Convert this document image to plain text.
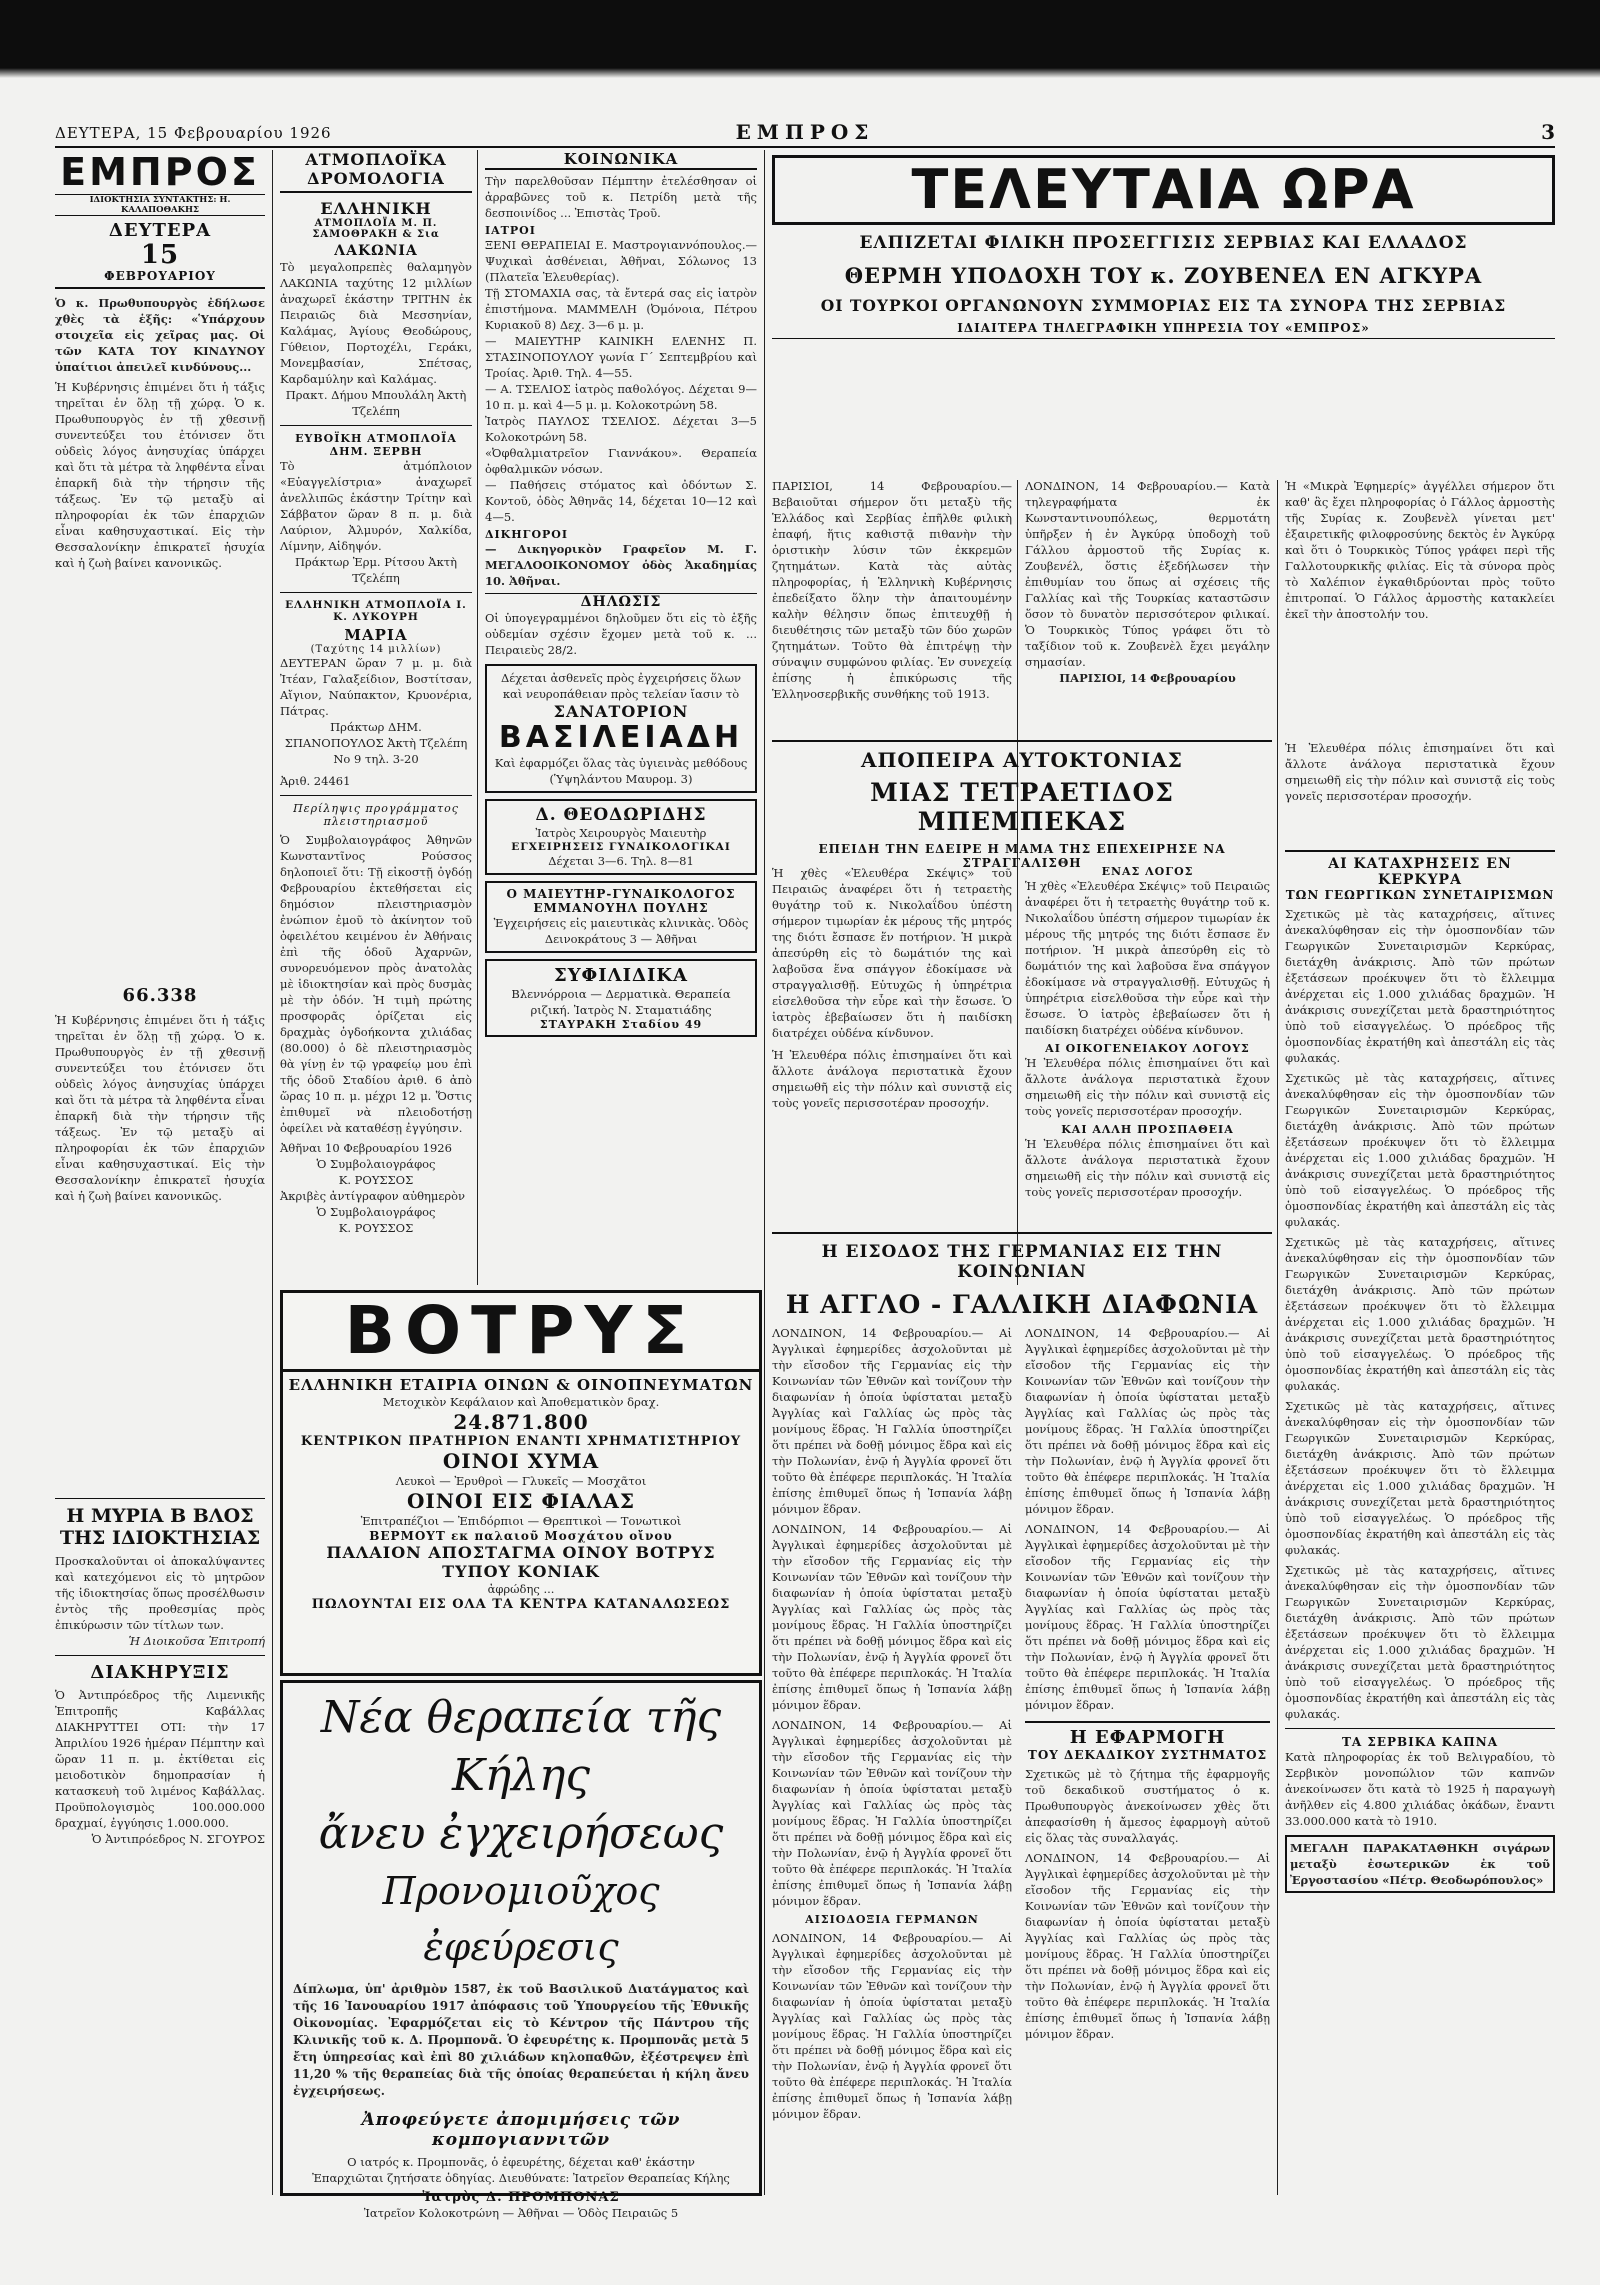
ΔΕΥΤΕΡΑ, 15 Φεβρουαρίου 1926	ΕΜΠΡΟΣ	3
ΕΜΠΡΟΣ
ΙΔΙΟΚΤΗΣΙΑ ΣΥΝΤΑΚΤΗΣ: Η. ΚΑΛΑΠΟΘΑΚΗΣ
ΔΕΥΤΕΡΑ
15
ΦΕΒΡΟΥΑΡΙΟΥ
Ὁ κ. Πρωθυπουργὸς ἐδήλωσε χθὲς τὰ ἑξῆς: «Ὑπάρχουν στοιχεῖα εἰς χεῖρας μας. Οἱ τῶν ΚΑΤΑ ΤΟΥ ΚΙΝΔΥΝΟΥ ὑπαίτιοι ἀπειλεῖ κινδύνους...
Ἡ Κυβέρνησις ἐπιμένει ὅτι ἡ τάξις τηρεῖται ἐν ὅλῃ τῇ χώρᾳ. Ὁ κ. Πρωθυπουργὸς ἐν τῇ χθεσινῇ συνεντεύξει του ἐτόνισεν ὅτι οὐδεὶς λόγος ἀνησυχίας ὑπάρχει καὶ ὅτι τὰ μέτρα τὰ ληφθέντα εἶναι ἐπαρκῆ διὰ τὴν τήρησιν τῆς τάξεως. Ἐν τῷ μεταξὺ αἱ πληροφορίαι ἐκ τῶν ἐπαρχιῶν εἶναι καθησυχαστικαί. Εἰς τὴν Θεσσαλονίκην ἐπικρατεῖ ἡσυχία καὶ ἡ ζωὴ βαίνει κανονικῶς.
66.338
Ἡ Κυβέρνησις ἐπιμένει ὅτι ἡ τάξις τηρεῖται ἐν ὅλῃ τῇ χώρᾳ. Ὁ κ. Πρωθυπουργὸς ἐν τῇ χθεσινῇ συνεντεύξει του ἐτόνισεν ὅτι οὐδεὶς λόγος ἀνησυχίας ὑπάρχει καὶ ὅτι τὰ μέτρα τὰ ληφθέντα εἶναι ἐπαρκῆ διὰ τὴν τήρησιν τῆς τάξεως. Ἐν τῷ μεταξὺ αἱ πληροφορίαι ἐκ τῶν ἐπαρχιῶν εἶναι καθησυχαστικαί. Εἰς τὴν Θεσσαλονίκην ἐπικρατεῖ ἡσυχία καὶ ἡ ζωὴ βαίνει κανονικῶς.
Η ΜΥΡΙΑ Β ΒΛΟΣ ΤΗΣ ΙΔΙΟΚΤΗΣΙΑΣ
Προσκαλοῦνται οἱ ἀποκαλύψαντες καὶ κατεχόμενοι εἰς τὸ μητρῶον τῆς ἰδιοκτησίας ὅπως προσέλθωσιν ἐντὸς τῆς προθεσμίας πρὸς ἐπικύρωσιν τῶν τίτλων των.
Ἡ Διοικοῦσα Ἐπιτροπή
ΔΙΑΚΗΡΥΞΙΣ
Ὁ Ἀντιπρόεδρος τῆς Λιμενικῆς Ἐπιτροπῆς Καβάλλας ΔΙΑΚΗΡΥΤΤΕΙ ΟΤΙ: τὴν 17 Ἀπριλίου 1926 ἡμέραν Πέμπτην καὶ ὥραν 11 π. μ. ἐκτίθεται εἰς μειοδοτικὸν δημοπρασίαν ἡ κατασκευὴ τοῦ λιμένος Καβάλλας. Προϋπολογισμὸς 100.000.000 δραχμαί, ἐγγύησις 1.000.000.
Ὁ Ἀντιπρόεδρος Ν. ΣΓΟΥΡΟΣ
ΑΤΜΟΠΛΟΪΚΑ ΔΡΟΜΟΛΟΓΙΑ
ΕΛΛΗΝΙΚΗ
ΑΤΜΟΠΛΟΪΑ Μ. Π. ΣΑΜΟΘΡΑΚΗ & Σια
ΛΑΚΩΝΙΑ
Τὸ μεγαλοπρεπὲς θαλαμηγὸν ΛΑΚΩΝΙΑ ταχύτης 12 μιλλίων ἀναχωρεῖ ἑκάστην ΤΡΙΤΗΝ ἐκ Πειραιῶς διὰ Μεσσηνίαν, Καλάμας, Ἀγίους Θεοδώρους, Γύθειον, Πορτοχέλι, Γεράκι, Μονεμβασίαν, Σπέτσας, Καρδαμύλην καὶ Καλάμας.
Πρακτ. Δήμου Μπουλάλη Ἀκτὴ Τζελέπη
ΕΥΒΟΪΚΗ ΑΤΜΟΠΛΟΪΑ ΔΗΜ. ΞΕΡΒΗ
Τὸ ἀτμόπλοιον «Εὐαγγελίστρια» ἀναχωρεῖ ἀνελλιπῶς ἑκάστην Τρίτην καὶ Σάββατον ὥραν 8 π. μ. διὰ Λαύριον, Ἀλμυρόν, Χαλκίδα, Λίμνην, Αἰδηψόν.
Πράκτωρ Ἐρμ. Ρίτσου Ἀκτὴ Τζελέπη
ΕΛΛΗΝΙΚΗ ΑΤΜΟΠΛΟΪΑ Ι. Κ. ΛΥΚΟΥΡΗ
ΜΑΡΙΑ
(Ταχύτης 14 μιλλίων)
ΔΕΥΤΕΡΑΝ ὥραν 7 μ. μ. διὰ Ἰτέαν, Γαλαξείδιον, Βοστίτσαν, Αἴγιον, Ναύπακτον, Κρυονέρια, Πάτρας.
Πράκτωρ ΔΗΜ. ΣΠΑΝΟΠΟΥΛΟΣ Ἀκτὴ Τζελέπη Νο 9 τηλ. 3-20
Ἀριθ. 24461
Περίληψις προγράμματος πλειστηριασμοῦ
Ὁ Συμβολαιογράφος Ἀθηνῶν Κωνσταντῖνος Ρούσσος δηλοποιεῖ ὅτι: Τῇ εἰκοστῇ ὀγδόῃ Φεβρουαρίου ἐκτεθήσεται εἰς δημόσιον πλειστηριασμὸν ἐνώπιον ἐμοῦ τὸ ἀκίνητον τοῦ ὀφειλέτου κειμένου ἐν Ἀθήναις ἐπὶ τῆς ὁδοῦ Ἀχαρνῶν, συνορευόμενον πρὸς ἀνατολὰς μὲ ἰδιοκτησίαν καὶ πρὸς δυσμὰς μὲ τὴν ὁδόν. Ἡ τιμὴ πρώτης προσφορᾶς ὁρίζεται εἰς δραχμὰς ὀγδοήκοντα χιλιάδας (80.000) ὁ δὲ πλειστηριασμὸς θὰ γίνῃ ἐν τῷ γραφείῳ μου ἐπὶ τῆς ὁδοῦ Σταδίου ἀριθ. 6 ἀπὸ ὥρας 10 π. μ. μέχρι 12 μ. Ὅστις ἐπιθυμεῖ νὰ πλειοδοτήσῃ ὀφείλει νὰ καταθέσῃ ἐγγύησιν.
Ἀθῆναι 10 Φεβρουαρίου 1926
Ὁ Συμβολαιογράφος
Κ. ΡΟΥΣΣΟΣ
Ἀκριβὲς ἀντίγραφον αὐθημερὸν
Ὁ Συμβολαιογράφος
Κ. ΡΟΥΣΣΟΣ
ΚΟΙΝΩΝΙΚΑ
Τὴν παρελθοῦσαν Πέμπτην ἐτελέσθησαν οἱ ἀρραβῶνες τοῦ κ. Πετρίδη μετὰ τῆς δεσποινίδος ... Ἐπιστὰς Τροῦ.
ΙΑΤΡΟΙ
ΞΕΝΙ ΘΕΡΑΠΕΙΑΙ Ε. Μαστρογιαννόπουλος.— Ψυχικαὶ ἀσθένειαι, Ἀθῆναι, Σόλωνος 13 (Πλατεῖα Ἐλευθερίας).
Τῇ ΣΤΟΜΑΧΙΑ σας, τὰ ἔντερά σας εἰς ἰατρὸν ἐπιστήμονα. ΜΑΜΜΕΛΗ (Ὀμόνοια, Πέτρου Κυριακοῦ 8) Δεχ. 3—6 μ. μ.
— ΜΑΙΕΥΤΗΡ ΚΑΙΝΙΚΗ ΕΛΕΝΗΣ Π. ΣΤΑΣΙΝΟΠΟΥΛΟΥ γωνία Γ΄ Σεπτεμβρίου καὶ Τροίας. Ἀριθ. Τηλ. 4—55.
— Α. ΤΣΕΛΙΟΣ ἰατρὸς παθολόγος. Δέχεται 9—10 π. μ. καὶ 4—5 μ. μ. Κολοκοτρώνη 58.
Ἰατρὸς ΠΑΥΛΟΣ ΤΣΕΛΙΟΣ. Δέχεται 3—5 Κολοκοτρώνη 58.
«Ὀφθαλμιατρεῖον Γιαννάκου». Θεραπεία ὀφθαλμικῶν νόσων.
— Παθήσεις στόματος καὶ ὀδόντων Σ. Κοντοῦ, ὁδὸς Ἀθηνᾶς 14, δέχεται 10—12 καὶ 4—5.
ΔΙΚΗΓΟΡΟΙ
— Δικηγορικὸν Γραφεῖον Μ. Γ. ΜΕΓΑΛΟΟΙΚΟΝΟΜΟΥ ὁδὸς Ἀκαδημίας 10. Ἀθῆναι.
ΔΗΛΩΣΙΣ
Οἱ ὑπογεγραμμένοι δηλοῦμεν ὅτι εἰς τὸ ἑξῆς οὐδεμίαν σχέσιν ἔχομεν μετὰ τοῦ κ. ... Πειραιεὺς 28/2.
Δέχεται ἀσθενεῖς πρὸς ἐγχειρήσεις ὅλων καὶ νευροπάθειαν πρὸς τελείαν ἴασιν τὸ
ΣΑΝΑΤΟΡΙΟΝ
ΒΑΣΙΛΕΙΑΔΗ
Καὶ ἐφαρμόζει ὅλας τὰς ὑγιεινὰς μεθόδους (Ὑψηλάντου Μαυρομ. 3)
Δ. ΘΕΟΔΩΡΙΔΗΣ
Ἰατρὸς Χειρουργὸς Μαιευτὴρ
ΕΓΧΕΙΡΗΣΕΙΣ ΓΥΝΑΙΚΟΛΟΓΙΚΑΙ
Δέχεται 3—6. Τηλ. 8—81
Ο ΜΑΙΕΥΤΗΡ-ΓΥΝΑΙΚΟΛΟΓΟΣ
ΕΜΜΑΝΟΥΗΛ ΠΟΥΛΗΣ
Ἐγχειρήσεις εἰς μαιευτικὰς κλινικὰς. Ὁδὸς Δεινοκράτους 3 — Ἀθῆναι
ΣΥΦΙΛΙΔΙΚΑ
Βλεννόρροια — Δερματικὰ. Θεραπεία ριζική. Ἰατρὸς Ν. Σταματιάδης
ΣΤΑΥΡΑΚΗ Σταδίου 49
ΤΕΛΕΥΤΑΙΑ ΩΡΑ
ΕΛΠΙΖΕΤΑΙ ΦΙΛΙΚΗ ΠΡΟΣΕΓΓΙΣΙΣ ΣΕΡΒΙΑΣ ΚΑΙ ΕΛΛΑΔΟΣ
ΘΕΡΜΗ ΥΠΟΔΟΧΗ ΤΟΥ κ. ΖΟΥΒΕΝΕΛ ΕΝ ΑΓΚΥΡΑ
ΟΙ ΤΟΥΡΚΟΙ ΟΡΓΑΝΩΝΟΥΝ ΣΥΜΜΟΡΙΑΣ ΕΙΣ ΤΑ ΣΥΝΟΡΑ ΤΗΣ ΣΕΡΒΙΑΣ
ΙΔΙΑΙΤΕΡΑ ΤΗΛΕΓΡΑΦΙΚΗ ΥΠΗΡΕΣΙΑ ΤΟΥ «ΕΜΠΡΟΣ»
ΠΑΡΙΣΙΟΙ, 14 Φεβρουαρίου.— Βεβαιοῦται σήμερον ὅτι μεταξὺ τῆς Ἑλλάδος καὶ Σερβίας ἐπῆλθε φιλικὴ ἐπαφή, ἥτις καθιστᾷ πιθανὴν τὴν ὁριστικὴν λύσιν τῶν ἐκκρεμῶν ζητημάτων. Κατὰ τὰς αὐτὰς πληροφορίας, ἡ Ἑλληνικὴ Κυβέρνησις ἐπεδείξατο ὅλην τὴν ἀπαιτουμένην καλὴν θέλησιν ὅπως ἐπιτευχθῇ ἡ διευθέτησις τῶν μεταξὺ τῶν δύο χωρῶν ζητημάτων. Τοῦτο θὰ ἐπιτρέψῃ τὴν σύναψιν συμφώνου φιλίας. Ἐν συνεχείᾳ ἐπίσης ἡ ἐπικύρωσις τῆς Ἑλληνοσερβικῆς συνθήκης τοῦ 1913.
ΛΟΝΔΙΝΟΝ, 14 Φεβρουαρίου.— Κατὰ τηλεγραφήματα ἐκ Κωνσταντινουπόλεως, θερμοτάτη ὑπῆρξεν ἡ ἐν Ἀγκύρᾳ ὑποδοχὴ τοῦ Γάλλου ἀρμοστοῦ τῆς Συρίας κ. Ζουβενέλ, ὅστις ἐξεδήλωσεν τὴν ἐπιθυμίαν του ὅπως αἱ σχέσεις τῆς Γαλλίας καὶ τῆς Τουρκίας καταστῶσιν ὅσον τὸ δυνατὸν περισσότερον φιλικαί. Ὁ Τουρκικὸς Τύπος γράφει ὅτι τὸ ταξίδιον τοῦ κ. Ζουβενὲλ ἔχει μεγάλην σημασίαν.
ΠΑΡΙΣΙΟΙ, 14 Φεβρουαρίου
Ἡ «Μικρὰ Ἐφημερίς» ἀγγέλλει σήμερον ὅτι καθ' ἃς ἔχει πληροφορίας ὁ Γάλλος ἀρμοστὴς τῆς Συρίας κ. Ζουβενὲλ γίνεται μετ' ἐξαιρετικῆς φιλοφροσύνης δεκτὸς ἐν Ἀγκύρᾳ καὶ ὅτι ὁ Τουρκικὸς Τύπος γράφει περὶ τῆς Γαλλοτουρκικῆς φιλίας. Εἰς τὰ σύνορα πρὸς τὸ Χαλέπιον ἐγκαθιδρύονται πρὸς τοῦτο ἐπιτροπαί. Ὁ Γάλλος ἀρμοστὴς κατακλείει ἐκεῖ τὴν ἀποστολήν του.
ΑΠΟΠΕΙΡΑ ΑΥΤΟΚΤΟΝΙΑΣ
ΜΙΑΣ ΤΕΤΡΑΕΤΙΔΟΣ ΜΠΕΜΠΕΚΑΣ
ΕΠΕΙΔΗ ΤΗΝ ΕΔΕΙΡΕ Η ΜΑΜΑ ΤΗΣ ΕΠΕΧΕΙΡΗΣΕ ΝΑ ΣΤΡΑΓΓΑΛΙΣΘΗ
Ἡ χθὲς «Ἐλευθέρα Σκέψις» τοῦ Πειραιῶς ἀναφέρει ὅτι ἡ τετραετὴς θυγάτηρ τοῦ κ. Νικολαΐδου ὑπέστη σήμερον τιμωρίαν ἐκ μέρους τῆς μητρός της διότι ἔσπασε ἕν ποτήριον. Ἡ μικρὰ ἀπεσύρθη εἰς τὸ δωμάτιόν της καὶ λαβοῦσα ἕνα σπάγγον ἐδοκίμασε νὰ στραγγαλισθῇ. Εὐτυχῶς ἡ ὑπηρέτρια εἰσελθοῦσα τὴν εὗρε καὶ τὴν ἔσωσε. Ὁ ἰατρὸς ἐβεβαίωσεν ὅτι ἡ παιδίσκη διατρέχει οὐδένα κίνδυνον.
Ἡ Ἐλευθέρα πόλις ἐπισημαίνει ὅτι καὶ ἄλλοτε ἀνάλογα περιστατικὰ ἔχουν σημειωθῆ εἰς τὴν πόλιν καὶ συνιστᾷ εἰς τοὺς γονεῖς περισσοτέραν προσοχήν.
ΕΝΑΣ ΛΟΓΟΣ
Ἡ χθὲς «Ἐλευθέρα Σκέψις» τοῦ Πειραιῶς ἀναφέρει ὅτι ἡ τετραετὴς θυγάτηρ τοῦ κ. Νικολαΐδου ὑπέστη σήμερον τιμωρίαν ἐκ μέρους τῆς μητρός της διότι ἔσπασε ἕν ποτήριον. Ἡ μικρὰ ἀπεσύρθη εἰς τὸ δωμάτιόν της καὶ λαβοῦσα ἕνα σπάγγον ἐδοκίμασε νὰ στραγγαλισθῇ. Εὐτυχῶς ἡ ὑπηρέτρια εἰσελθοῦσα τὴν εὗρε καὶ τὴν ἔσωσε. Ὁ ἰατρὸς ἐβεβαίωσεν ὅτι ἡ παιδίσκη διατρέχει οὐδένα κίνδυνον.
ΑΙ ΟΙΚΟΓΕΝΕΙΑΚΟΥ ΛΟΓΟΥΣ
Ἡ Ἐλευθέρα πόλις ἐπισημαίνει ὅτι καὶ ἄλλοτε ἀνάλογα περιστατικὰ ἔχουν σημειωθῆ εἰς τὴν πόλιν καὶ συνιστᾷ εἰς τοὺς γονεῖς περισσοτέραν προσοχήν.
ΚΑΙ ΑΛΛΗ ΠΡΟΣΠΑΘΕΙΑ
Ἡ Ἐλευθέρα πόλις ἐπισημαίνει ὅτι καὶ ἄλλοτε ἀνάλογα περιστατικὰ ἔχουν σημειωθῆ εἰς τὴν πόλιν καὶ συνιστᾷ εἰς τοὺς γονεῖς περισσοτέραν προσοχήν.
Ἡ Ἐλευθέρα πόλις ἐπισημαίνει ὅτι καὶ ἄλλοτε ἀνάλογα περιστατικὰ ἔχουν σημειωθῆ εἰς τὴν πόλιν καὶ συνιστᾷ εἰς τοὺς γονεῖς περισσοτέραν προσοχήν.
ΑΙ ΚΑΤΑΧΡΗΣΕΙΣ ΕΝ ΚΕΡΚΥΡΑ
ΤΩΝ ΓΕΩΡΓΙΚΩΝ ΣΥΝΕΤΑΙΡΙΣΜΩΝ
Σχετικῶς μὲ τὰς καταχρήσεις, αἵτινες ἀνεκαλύφθησαν εἰς τὴν ὁμοσπονδίαν τῶν Γεωργικῶν Συνεταιρισμῶν Κερκύρας, διετάχθη ἀνάκρισις. Ἀπὸ τῶν πρώτων ἐξετάσεων προέκυψεν ὅτι τὸ ἔλλειμμα ἀνέρχεται εἰς 1.000 χιλιάδας δραχμῶν. Ἡ ἀνάκρισις συνεχίζεται μετὰ δραστηριότητος ὑπὸ τοῦ εἰσαγγελέως. Ὁ πρόεδρος τῆς ὁμοσπονδίας ἐκρατήθη καὶ ἀπεστάλη εἰς τὰς φυλακάς.
Σχετικῶς μὲ τὰς καταχρήσεις, αἵτινες ἀνεκαλύφθησαν εἰς τὴν ὁμοσπονδίαν τῶν Γεωργικῶν Συνεταιρισμῶν Κερκύρας, διετάχθη ἀνάκρισις. Ἀπὸ τῶν πρώτων ἐξετάσεων προέκυψεν ὅτι τὸ ἔλλειμμα ἀνέρχεται εἰς 1.000 χιλιάδας δραχμῶν. Ἡ ἀνάκρισις συνεχίζεται μετὰ δραστηριότητος ὑπὸ τοῦ εἰσαγγελέως. Ὁ πρόεδρος τῆς ὁμοσπονδίας ἐκρατήθη καὶ ἀπεστάλη εἰς τὰς φυλακάς.
Σχετικῶς μὲ τὰς καταχρήσεις, αἵτινες ἀνεκαλύφθησαν εἰς τὴν ὁμοσπονδίαν τῶν Γεωργικῶν Συνεταιρισμῶν Κερκύρας, διετάχθη ἀνάκρισις. Ἀπὸ τῶν πρώτων ἐξετάσεων προέκυψεν ὅτι τὸ ἔλλειμμα ἀνέρχεται εἰς 1.000 χιλιάδας δραχμῶν. Ἡ ἀνάκρισις συνεχίζεται μετὰ δραστηριότητος ὑπὸ τοῦ εἰσαγγελέως. Ὁ πρόεδρος τῆς ὁμοσπονδίας ἐκρατήθη καὶ ἀπεστάλη εἰς τὰς φυλακάς.
Σχετικῶς μὲ τὰς καταχρήσεις, αἵτινες ἀνεκαλύφθησαν εἰς τὴν ὁμοσπονδίαν τῶν Γεωργικῶν Συνεταιρισμῶν Κερκύρας, διετάχθη ἀνάκρισις. Ἀπὸ τῶν πρώτων ἐξετάσεων προέκυψεν ὅτι τὸ ἔλλειμμα ἀνέρχεται εἰς 1.000 χιλιάδας δραχμῶν. Ἡ ἀνάκρισις συνεχίζεται μετὰ δραστηριότητος ὑπὸ τοῦ εἰσαγγελέως. Ὁ πρόεδρος τῆς ὁμοσπονδίας ἐκρατήθη καὶ ἀπεστάλη εἰς τὰς φυλακάς.
Σχετικῶς μὲ τὰς καταχρήσεις, αἵτινες ἀνεκαλύφθησαν εἰς τὴν ὁμοσπονδίαν τῶν Γεωργικῶν Συνεταιρισμῶν Κερκύρας, διετάχθη ἀνάκρισις. Ἀπὸ τῶν πρώτων ἐξετάσεων προέκυψεν ὅτι τὸ ἔλλειμμα ἀνέρχεται εἰς 1.000 χιλιάδας δραχμῶν. Ἡ ἀνάκρισις συνεχίζεται μετὰ δραστηριότητος ὑπὸ τοῦ εἰσαγγελέως. Ὁ πρόεδρος τῆς ὁμοσπονδίας ἐκρατήθη καὶ ἀπεστάλη εἰς τὰς φυλακάς.
ΤΑ ΣΕΡΒΙΚΑ ΚΑΠΝΑ
Κατὰ πληροφορίας ἐκ τοῦ Βελιγραδίου, τὸ Σερβικὸν μονοπώλιον τῶν καπνῶν ἀνεκοίνωσεν ὅτι κατὰ τὸ 1925 ἡ παραγωγὴ ἀνῆλθεν εἰς 4.800 χιλιάδας ὀκάδων, ἔναντι 33.000.000 κατὰ τὸ 1910.
ΜΕΓΑΛΗ ΠΑΡΑΚΑΤΑΘΗΚΗ σιγάρων μεταξὺ ἐσωτερικῶν ἐκ τοῦ Ἐργοστασίου «Πέτρ. Θεοδωρόπουλος»
Η ΕΙΣΟΔΟΣ ΤΗΣ ΓΕΡΜΑΝΙΑΣ ΕΙΣ ΤΗΝ ΚΟΙΝΩΝΙΑΝ
Η ΑΓΓΛΟ - ΓΑΛΛΙΚΗ ΔΙΑΦΩΝΙΑ
ΛΟΝΔΙΝΟΝ, 14 Φεβρουαρίου.— Αἱ Ἀγγλικαὶ ἐφημερίδες ἀσχολοῦνται μὲ τὴν εἴσοδον τῆς Γερμανίας εἰς τὴν Κοινωνίαν τῶν Ἐθνῶν καὶ τονίζουν τὴν διαφωνίαν ἡ ὁποία ὑφίσταται μεταξὺ Ἀγγλίας καὶ Γαλλίας ὡς πρὸς τὰς μονίμους ἕδρας. Ἡ Γαλλία ὑποστηρίζει ὅτι πρέπει νὰ δοθῇ μόνιμος ἕδρα καὶ εἰς τὴν Πολωνίαν, ἐνῷ ἡ Ἀγγλία φρονεῖ ὅτι τοῦτο θὰ ἐπέφερε περιπλοκάς. Ἡ Ἰταλία ἐπίσης ἐπιθυμεῖ ὅπως ἡ Ἰσπανία λάβῃ μόνιμον ἕδραν.
ΛΟΝΔΙΝΟΝ, 14 Φεβρουαρίου.— Αἱ Ἀγγλικαὶ ἐφημερίδες ἀσχολοῦνται μὲ τὴν εἴσοδον τῆς Γερμανίας εἰς τὴν Κοινωνίαν τῶν Ἐθνῶν καὶ τονίζουν τὴν διαφωνίαν ἡ ὁποία ὑφίσταται μεταξὺ Ἀγγλίας καὶ Γαλλίας ὡς πρὸς τὰς μονίμους ἕδρας. Ἡ Γαλλία ὑποστηρίζει ὅτι πρέπει νὰ δοθῇ μόνιμος ἕδρα καὶ εἰς τὴν Πολωνίαν, ἐνῷ ἡ Ἀγγλία φρονεῖ ὅτι τοῦτο θὰ ἐπέφερε περιπλοκάς. Ἡ Ἰταλία ἐπίσης ἐπιθυμεῖ ὅπως ἡ Ἰσπανία λάβῃ μόνιμον ἕδραν.
ΛΟΝΔΙΝΟΝ, 14 Φεβρουαρίου.— Αἱ Ἀγγλικαὶ ἐφημερίδες ἀσχολοῦνται μὲ τὴν εἴσοδον τῆς Γερμανίας εἰς τὴν Κοινωνίαν τῶν Ἐθνῶν καὶ τονίζουν τὴν διαφωνίαν ἡ ὁποία ὑφίσταται μεταξὺ Ἀγγλίας καὶ Γαλλίας ὡς πρὸς τὰς μονίμους ἕδρας. Ἡ Γαλλία ὑποστηρίζει ὅτι πρέπει νὰ δοθῇ μόνιμος ἕδρα καὶ εἰς τὴν Πολωνίαν, ἐνῷ ἡ Ἀγγλία φρονεῖ ὅτι τοῦτο θὰ ἐπέφερε περιπλοκάς. Ἡ Ἰταλία ἐπίσης ἐπιθυμεῖ ὅπως ἡ Ἰσπανία λάβῃ μόνιμον ἕδραν.
ΑΙΣΙΟΔΟΞΙΑ ΓΕΡΜΑΝΩΝ
ΛΟΝΔΙΝΟΝ, 14 Φεβρουαρίου.— Αἱ Ἀγγλικαὶ ἐφημερίδες ἀσχολοῦνται μὲ τὴν εἴσοδον τῆς Γερμανίας εἰς τὴν Κοινωνίαν τῶν Ἐθνῶν καὶ τονίζουν τὴν διαφωνίαν ἡ ὁποία ὑφίσταται μεταξὺ Ἀγγλίας καὶ Γαλλίας ὡς πρὸς τὰς μονίμους ἕδρας. Ἡ Γαλλία ὑποστηρίζει ὅτι πρέπει νὰ δοθῇ μόνιμος ἕδρα καὶ εἰς τὴν Πολωνίαν, ἐνῷ ἡ Ἀγγλία φρονεῖ ὅτι τοῦτο θὰ ἐπέφερε περιπλοκάς. Ἡ Ἰταλία ἐπίσης ἐπιθυμεῖ ὅπως ἡ Ἰσπανία λάβῃ μόνιμον ἕδραν.
ΛΟΝΔΙΝΟΝ, 14 Φεβρουαρίου.— Αἱ Ἀγγλικαὶ ἐφημερίδες ἀσχολοῦνται μὲ τὴν εἴσοδον τῆς Γερμανίας εἰς τὴν Κοινωνίαν τῶν Ἐθνῶν καὶ τονίζουν τὴν διαφωνίαν ἡ ὁποία ὑφίσταται μεταξὺ Ἀγγλίας καὶ Γαλλίας ὡς πρὸς τὰς μονίμους ἕδρας. Ἡ Γαλλία ὑποστηρίζει ὅτι πρέπει νὰ δοθῇ μόνιμος ἕδρα καὶ εἰς τὴν Πολωνίαν, ἐνῷ ἡ Ἀγγλία φρονεῖ ὅτι τοῦτο θὰ ἐπέφερε περιπλοκάς. Ἡ Ἰταλία ἐπίσης ἐπιθυμεῖ ὅπως ἡ Ἰσπανία λάβῃ μόνιμον ἕδραν.
ΛΟΝΔΙΝΟΝ, 14 Φεβρουαρίου.— Αἱ Ἀγγλικαὶ ἐφημερίδες ἀσχολοῦνται μὲ τὴν εἴσοδον τῆς Γερμανίας εἰς τὴν Κοινωνίαν τῶν Ἐθνῶν καὶ τονίζουν τὴν διαφωνίαν ἡ ὁποία ὑφίσταται μεταξὺ Ἀγγλίας καὶ Γαλλίας ὡς πρὸς τὰς μονίμους ἕδρας. Ἡ Γαλλία ὑποστηρίζει ὅτι πρέπει νὰ δοθῇ μόνιμος ἕδρα καὶ εἰς τὴν Πολωνίαν, ἐνῷ ἡ Ἀγγλία φρονεῖ ὅτι τοῦτο θὰ ἐπέφερε περιπλοκάς. Ἡ Ἰταλία ἐπίσης ἐπιθυμεῖ ὅπως ἡ Ἰσπανία λάβῃ μόνιμον ἕδραν.
Η ΕΦΑΡΜΟΓΗ
ΤΟΥ ΔΕΚΑΔΙΚΟΥ ΣΥΣΤΗΜΑΤΟΣ
Σχετικῶς μὲ τὸ ζήτημα τῆς ἐφαρμογῆς τοῦ δεκαδικοῦ συστήματος ὁ κ. Πρωθυπουργὸς ἀνεκοίνωσεν χθὲς ὅτι ἀπεφασίσθη ἡ ἄμεσος ἐφαρμογὴ αὐτοῦ εἰς ὅλας τὰς συναλλαγάς.
ΛΟΝΔΙΝΟΝ, 14 Φεβρουαρίου.— Αἱ Ἀγγλικαὶ ἐφημερίδες ἀσχολοῦνται μὲ τὴν εἴσοδον τῆς Γερμανίας εἰς τὴν Κοινωνίαν τῶν Ἐθνῶν καὶ τονίζουν τὴν διαφωνίαν ἡ ὁποία ὑφίσταται μεταξὺ Ἀγγλίας καὶ Γαλλίας ὡς πρὸς τὰς μονίμους ἕδρας. Ἡ Γαλλία ὑποστηρίζει ὅτι πρέπει νὰ δοθῇ μόνιμος ἕδρα καὶ εἰς τὴν Πολωνίαν, ἐνῷ ἡ Ἀγγλία φρονεῖ ὅτι τοῦτο θὰ ἐπέφερε περιπλοκάς. Ἡ Ἰταλία ἐπίσης ἐπιθυμεῖ ὅπως ἡ Ἰσπανία λάβῃ μόνιμον ἕδραν.
ΒΟΤΡΥΣ
ΕΛΛΗΝΙΚΗ ΕΤΑΙΡΙΑ ΟΙΝΩΝ & ΟΙΝΟΠΝΕΥΜΑΤΩΝ
Μετοχικὸν Κεφάλαιον καὶ Ἀποθεματικὸν δραχ.
24.871.800
ΚΕΝΤΡΙΚΟΝ ΠΡΑΤΗΡΙΟΝ ΕΝΑΝΤΙ ΧΡΗΜΑΤΙΣΤΗΡΙΟΥ
ΟΙΝΟΙ ΧΥΜΑ
Λευκοὶ — Ἐρυθροὶ — Γλυκεῖς — Μοσχᾶτοι
ΟΙΝΟΙ ΕΙΣ ΦΙΑΛΑΣ
Ἐπιτραπέζιοι — Ἐπιδόρπιοι — Θρεπτικοὶ — Τονωτικοὶ
ΒΕΡΜΟΥΤ εκ παλαιοῦ Μοσχάτου οἴνου
ΠΑΛΑΙΟΝ ΑΠΟΣΤΑΓΜΑ ΟΙΝΟΥ ΒΟΤΡΥΣ
ΤΥΠΟΥ ΚΟΝΙΑΚ
ἀφρώδης ...
ΠΩΛΟΥΝΤΑΙ ΕΙΣ ΟΛΑ ΤΑ ΚΕΝΤΡΑ ΚΑΤΑΝΑΛΩΣΕΩΣ
Νέα θεραπεία τῆς Κήλης
ἄνευ ἐγχειρήσεως
Προνομιοῦχος ἐφεύρεσις
Δίπλωμα, ὑπ' ἀριθμὸν 1587, ἐκ τοῦ Βασιλικοῦ Διατάγματος καὶ τῆς 16 Ἰανουαρίου 1917 ἀπόφασις τοῦ Ὑπουργείου τῆς Ἐθνικῆς Οἰκονομίας. Ἐφαρμόζεται εἰς τὸ Κέντρον τῆς Πάντρου τῆς Κλινικῆς τοῦ κ. Δ. Προμπονᾶ. Ὁ ἐφευρέτης κ. Προμπονᾶς μετὰ 5 ἔτη ὑπηρεσίας καὶ ἐπὶ 80 χιλιάδων κηλοπαθῶν, ἐξέστρεψεν ἐπὶ 11,20 % τῆς θεραπείας διὰ τῆς ὁποίας θεραπεύεται ἡ κήλη ἄνευ ἐγχειρήσεως.
Ἀποφεύγετε ἀπομιμήσεις τῶν κομπογιαννιτῶν
Ο ιατρός κ. Προμπονᾶς, ὁ ἐφευρέτης, δέχεται καθ' ἑκάστην
Ἐπαρχιῶται ζητήσατε ὁδηγίας. Διευθύνατε: Ἰατρεῖον Θεραπείας Κήλης
Ἰατρὸς Δ. ΠΡΟΜΠΟΝΑΣ
Ἰατρεῖον Κολοκοτρώνη — Ἀθῆναι — Ὁδὸς Πειραιῶς 5
